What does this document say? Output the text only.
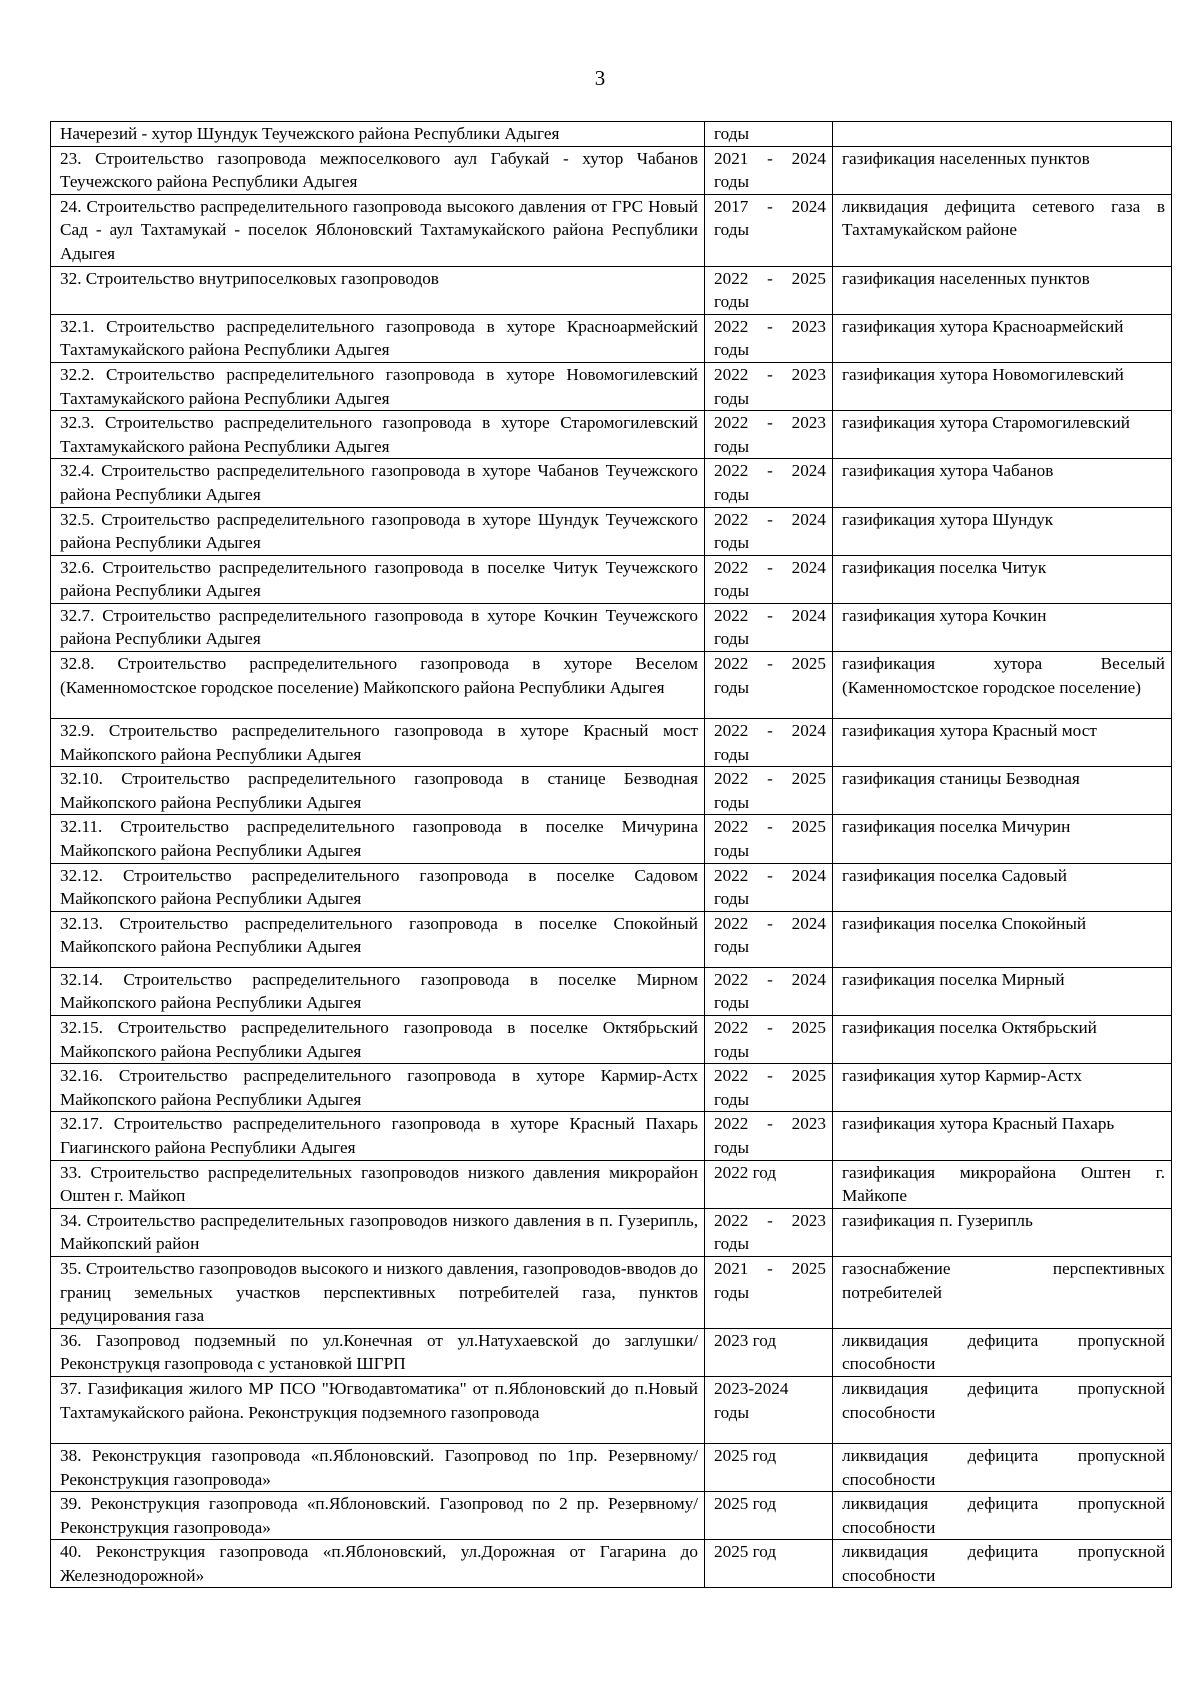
3
Начерезий - хутор Шундук Теучежского района Республики Адыгея	годы	
23. Строительство газопровода межпоселкового аул Габукай - хутор Чабанов Теучежского района Республики Адыгея	2021 - 2024 годы	газификация населенных пунктов
24. Строительство распределительного газопровода высокого давления от ГРС Новый Сад - аул Тахтамукай - поселок Яблоновский Тахтамукайского района Республики Адыгея	2017 - 2024 годы	ликвидация дефицита сетевого газа в Тахтамукайском районе
32. Строительство внутрипоселковых газопроводов	2022 - 2025 годы	газификация населенных пунктов
32.1. Строительство распределительного газопровода в хуторе Красноармейский Тахтамукайского района Республики Адыгея	2022 - 2023 годы	газификация хутора Красноармейский
32.2. Строительство распределительного газопровода в хуторе Новомогилевский Тахтамукайского района Республики Адыгея	2022 - 2023 годы	газификация хутора Новомогилевский
32.3. Строительство распределительного газопровода в хуторе Старомогилевский Тахтамукайского района Республики Адыгея	2022 - 2023 годы	газификация хутора Старомогилевский
32.4. Строительство распределительного газопровода в хуторе Чабанов Теучежского района Республики Адыгея	2022 - 2024 годы	газификация хутора Чабанов
32.5. Строительство распределительного газопровода в хуторе Шундук Теучежского района Республики Адыгея	2022 - 2024 годы	газификация хутора Шундук
32.6. Строительство распределительного газопровода в поселке Читук Теучежского района Республики Адыгея	2022 - 2024 годы	газификация поселка Читук
32.7. Строительство распределительного газопровода в хуторе Кочкин Теучежского района Республики Адыгея	2022 - 2024 годы	газификация хутора Кочкин
32.8. Строительство распределительного газопровода в хуторе Веселом (Каменномостское городское поселение) Майкопского района Республики Адыгея	2022 - 2025 годы	газификация хутора Веселый (Каменномостское городское поселение)
32.9. Строительство распределительного газопровода в хуторе Красный мост Майкопского района Республики Адыгея	2022 - 2024 годы	газификация хутора Красный мост
32.10. Строительство распределительного газопровода в станице Безводная Майкопского района Республики Адыгея	2022 - 2025 годы	газификация станицы Безводная
32.11. Строительство распределительного газопровода в поселке Мичурина Майкопского района Республики Адыгея	2022 - 2025 годы	газификация поселка Мичурин
32.12. Строительство распределительного газопровода в поселке Садовом Майкопского района Республики Адыгея	2022 - 2024 годы	газификация поселка Садовый
32.13. Строительство распределительного газопровода в поселке Спокойный Майкопского района Республики Адыгея	2022 - 2024 годы	газификация поселка Спокойный
32.14. Строительство распределительного газопровода в поселке Мирном Майкопского района Республики Адыгея	2022 - 2024 годы	газификация поселка Мирный
32.15. Строительство распределительного газопровода в поселке Октябрьский Майкопского района Республики Адыгея	2022 - 2025 годы	газификация поселка Октябрьский
32.16. Строительство распределительного газопровода в хуторе Кармир-Астх Майкопского района Республики Адыгея	2022 - 2025 годы	газификация хутор Кармир-Астх
32.17. Строительство распределительного газопровода в хуторе Красный Пахарь Гиагинского района Республики Адыгея	2022 - 2023 годы	газификация хутора Красный Пахарь
33. Строительство распределительных газопроводов низкого давления микрорайон Оштен г. Майкоп	2022 год	газификация микрорайона Оштен г. Майкопе
34. Строительство распределительных газопроводов низкого давления в п. Гузерипль, Майкопский район	2022 - 2023 годы	газификация п. Гузерипль
35. Строительство газопроводов высокого и низкого давления, газопроводов-вводов до границ земельных участков перспективных потребителей газа, пунктов редуцирования газа	2021 - 2025 годы	газоснабжение перспективных потребителей
36. Газопровод подземный по ул.Конечная от ул.Натухаевской до заглушки/Реконструкця газопровода с установкой ШГРП	2023 год	ликвидация дефицита пропускной способности
37. Газификация жилого МР ПСО "Югводавтоматика" от п.Яблоновский до п.Новый Тахтамукайского района. Реконструкция подземного газопровода	2023-2024 годы	ликвидация дефицита пропускной способности
38. Реконструкция газопровода «п.Яблоновский. Газопровод по 1пр. Резервному/Реконструкция газопровода»	2025 год	ликвидация дефицита пропускной способности
39. Реконструкция газопровода «п.Яблоновский. Газопровод по 2 пр. Резервному/Реконструкция газопровода»	2025 год	ликвидация дефицита пропускной способности
40. Реконструкция газопровода «п.Яблоновский, ул.Дорожная от Гагарина до Железнодорожной»	2025 год	ликвидация дефицита пропускной способности
